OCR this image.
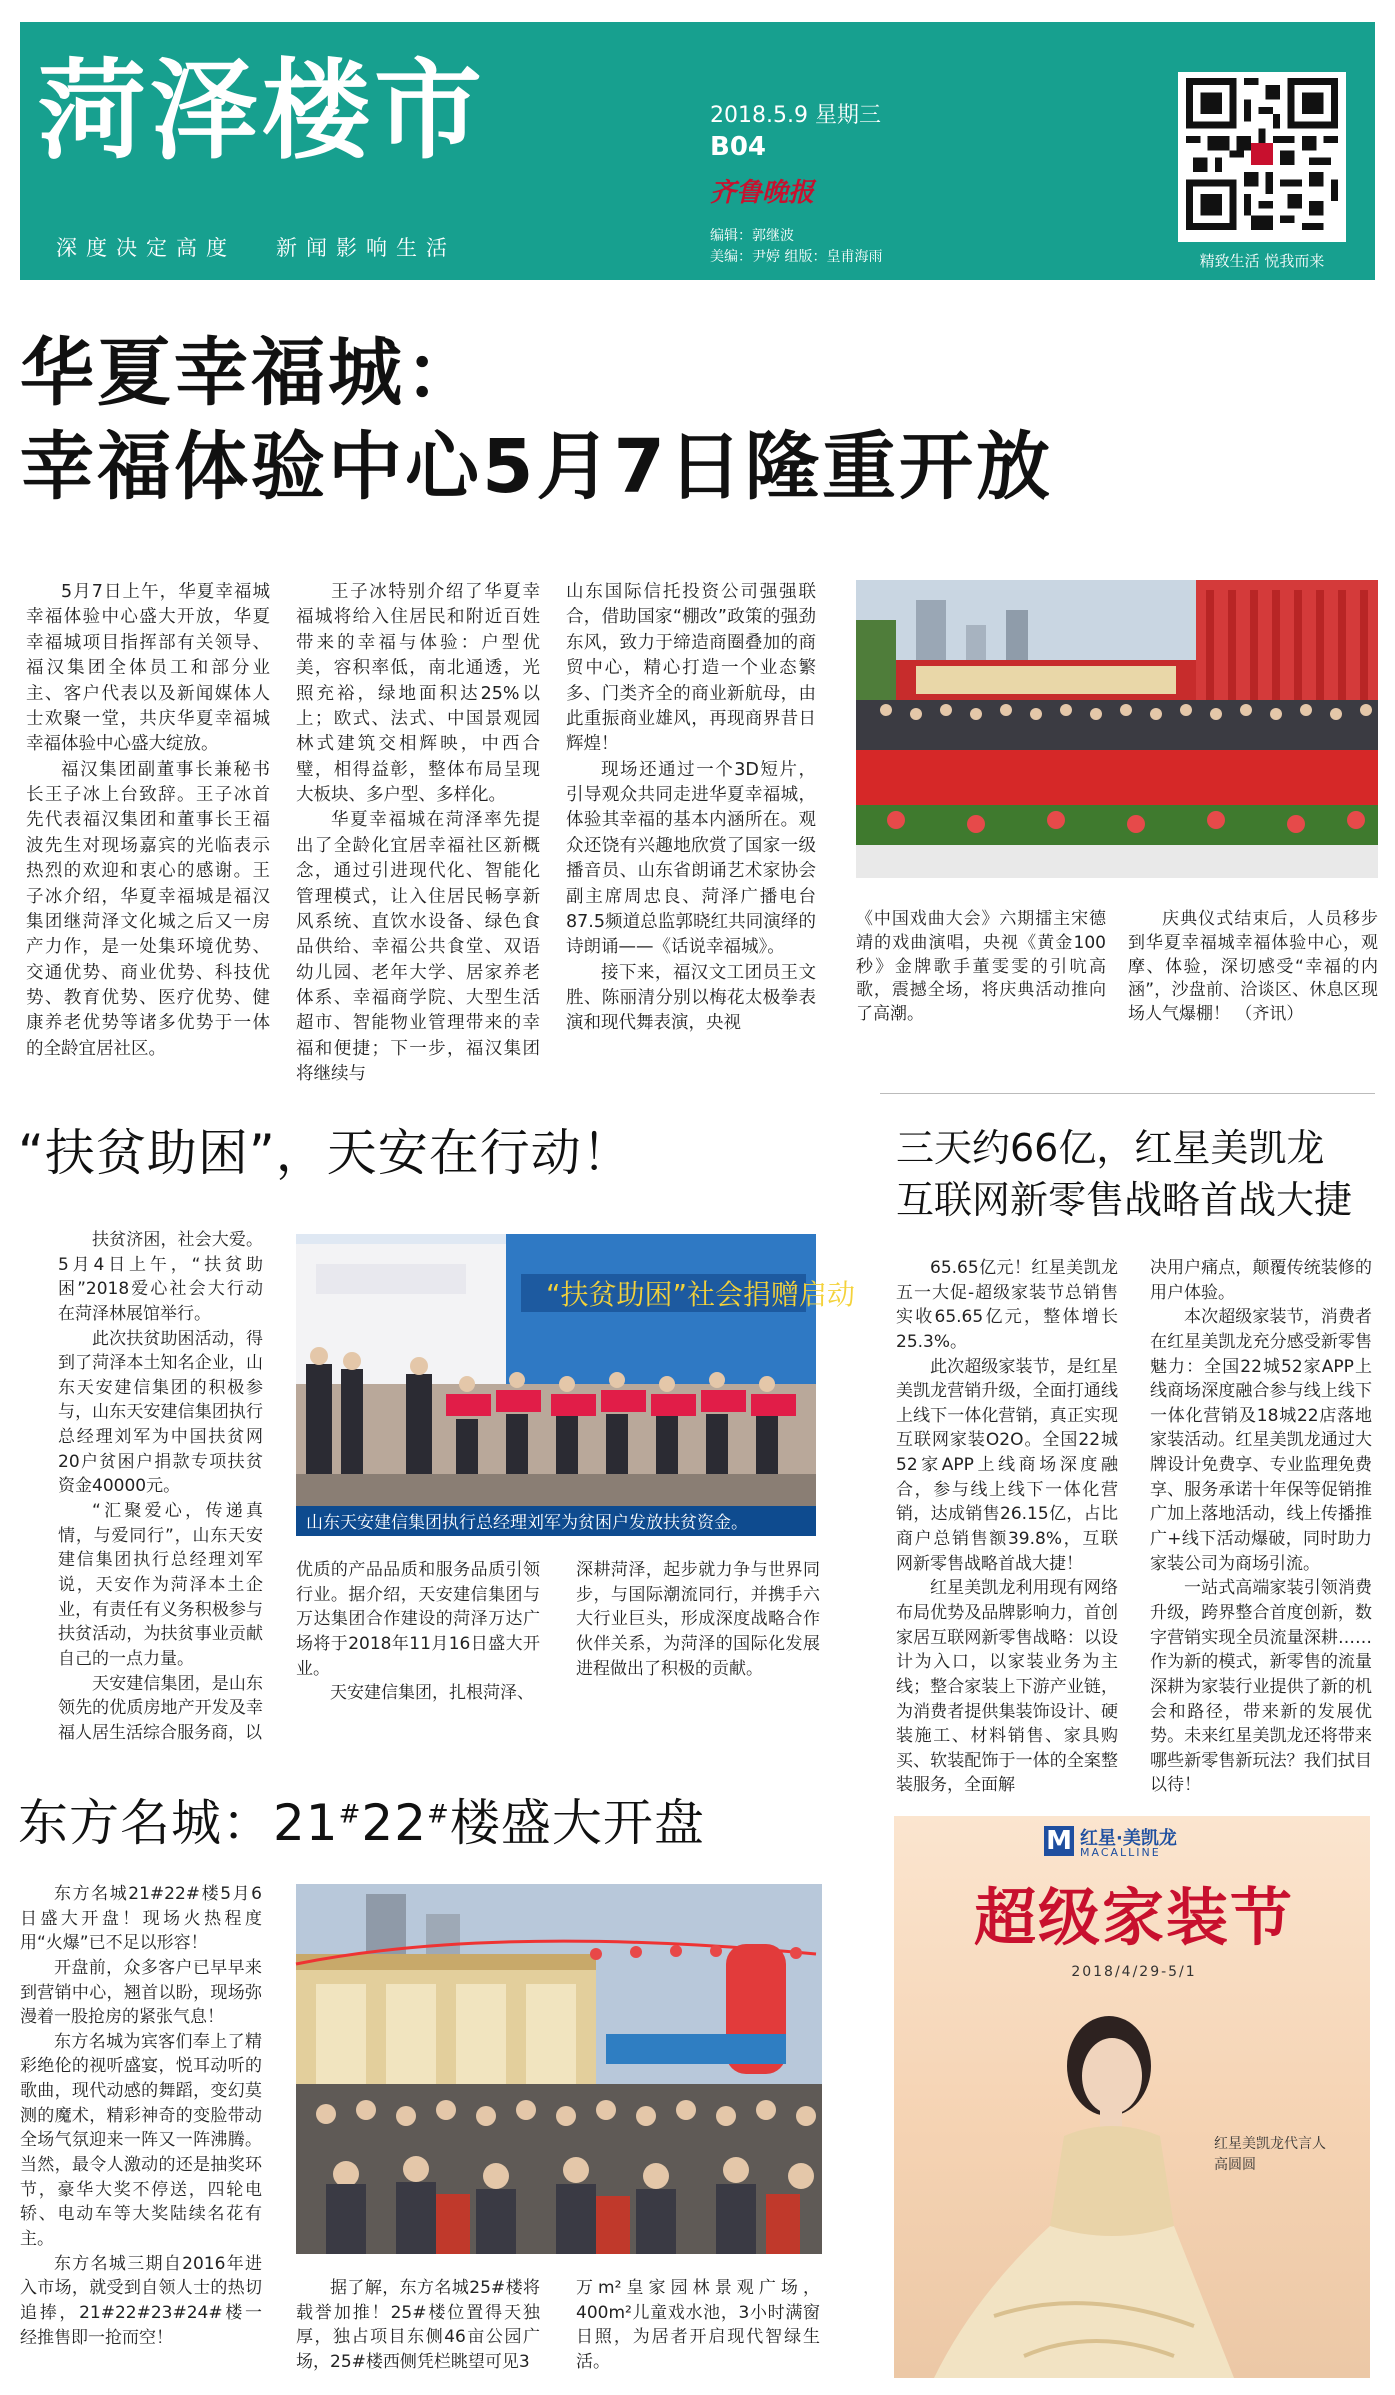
菏泽楼市
深度决定高度 新闻影响生活
2018.5.9 星期三
B04
齐鲁晚报
编辑：郭继波
美编：尹婷 组版：皇甫海雨	精致生活 悦我而来
华夏幸福城：
幸福体验中心5月7日隆重开放

5月7日上午，华夏幸福城幸福体验中心盛大开放，华夏幸福城项目指挥部有关领导、福汉集团全体员工和部分业主、客户代表以及新闻媒体人士欢聚一堂，共庆华夏幸福城幸福体验中心盛大绽放。

福汉集团副董事长兼秘书长王子冰上台致辞。王子冰首先代表福汉集团和董事长王福波先生对现场嘉宾的光临表示热烈的欢迎和衷心的感谢。王子冰介绍，华夏幸福城是福汉集团继菏泽文化城之后又一房产力作，是一处集环境优势、交通优势、商业优势、科技优势、教育优势、医疗优势、健康养老优势等诸多优势于一体的全龄宜居社区。

王子冰特别介绍了华夏幸福城将给入住居民和附近百姓带来的幸福与体验：户型优美，容积率低，南北通透，光照充裕，绿地面积达25%以上；欧式、法式、中国景观园林式建筑交相辉映，中西合璧，相得益彰，整体布局呈现大板块、多户型、多样化。

华夏幸福城在菏泽率先提出了全龄化宜居幸福社区新概念，通过引进现代化、智能化管理模式，让入住居民畅享新风系统、直饮水设备、绿色食品供给、幸福公共食堂、双语幼儿园、老年大学、居家养老体系、幸福商学院、大型生活超市、智能物业管理带来的幸福和便捷；下一步，福汉集团将继续与

山东国际信托投资公司强强联合，借助国家“棚改”政策的强劲东风，致力于缔造商圈叠加的商贸中心，精心打造一个业态繁多、门类齐全的商业新航母，由此重振商业雄风，再现商界昔日辉煌！

现场还通过一个3D短片，引导观众共同走进华夏幸福城，体验其幸福的基本内涵所在。观众还饶有兴趣地欣赏了国家一级播音员、山东省朗诵艺术家协会副主席周忠良、菏泽广播电台87.5频道总监郭晓红共同演绎的诗朗诵——《话说幸福城》。

接下来，福汉文工团员王文胜、陈丽清分别以梅花太极拳表演和现代舞表演，央视

《中国戏曲大会》六期擂主宋德靖的戏曲演唱，央视《黄金100秒》金牌歌手董雯雯的引吭高歌，震撼全场，将庆典活动推向了高潮。
庆典仪式结束后，人员移步到华夏幸福城幸福体验中心，观摩、体验，深切感受“幸福的内涵”，沙盘前、洽谈区、休息区现场人气爆棚！ （齐讯）
“扶贫助困”，天安在行动！

扶贫济困，社会大爱。5月4日上午，“扶贫助困”2018爱心社会大行动在菏泽林展馆举行。

此次扶贫助困活动，得到了菏泽本土知名企业，山东天安建信集团的积极参与，山东天安建信集团执行总经理刘军为中国扶贫网20户贫困户捐款专项扶贫资金40000元。

“汇聚爱心，传递真情，与爱同行”，山东天安建信集团执行总经理刘军说，天安作为菏泽本土企业，有责任有义务积极参与扶贫活动，为扶贫事业贡献自己的一点力量。

天安建信集团，是山东领先的优质房地产开发及幸福人居生活综合服务商，以

“扶贫助困”社会捐赠启动
山东天安建信集团执行总经理刘军为贫困户发放扶贫资金。

优质的产品品质和服务品质引领行业。据介绍，天安建信集团与万达集团合作建设的菏泽万达广场将于2018年11月16日盛大开业。

天安建信集团，扎根菏泽、

深耕菏泽，起步就力争与世界同步，与国际潮流同行，并携手六大行业巨头，形成深度战略合作伙伴关系，为菏泽的国际化发展进程做出了积极的贡献。

三天约66亿，红星美凯龙
互联网新零售战略首战大捷

65.65亿元！红星美凯龙五一大促-超级家装节总销售实收65.65亿元，整体增长25.3%。

此次超级家装节，是红星美凯龙营销升级，全面打通线上线下一体化营销，真正实现互联网家装O2O。全国22城52家APP上线商场深度融合，参与线上线下一体化营销，达成销售26.15亿，占比商户总销售额39.8%，互联网新零售战略首战大捷！

红星美凯龙利用现有网络布局优势及品牌影响力，首创家居互联网新零售战略：以设计为入口，以家装业务为主线；整合家装上下游产业链，为消费者提供集装饰设计、硬装施工、材料销售、家具购买、软装配饰于一体的全案整装服务，全面解

决用户痛点，颠覆传统装修的用户体验。

本次超级家装节，消费者在红星美凯龙充分感受新零售魅力：全国22城52家APP上线商场深度融合参与线上线下一体化营销及18城22店落地家装活动。红星美凯龙通过大牌设计免费享、专业监理免费享、服务承诺十年保等促销推广加上落地活动，线上传播推广+线下活动爆破，同时助力家装公司为商场引流。

一站式高端家装引领消费升级，跨界整合首度创新，数字营销实现全员流量深耕……作为新的模式，新零售的流量深耕为家装行业提供了新的机会和路径，带来新的发展优势。未来红星美凯龙还将带来哪些新零售新玩法？我们拭目以待！

东方名城：21#22#楼盛大开盘

东方名城21#22#楼5月6日盛大开盘！现场火热程度用“火爆”已不足以形容！

开盘前，众多客户已早早来到营销中心，翘首以盼，现场弥漫着一股抢房的紧张气息！

东方名城为宾客们奉上了精彩绝伦的视听盛宴，悦耳动听的歌曲，现代动感的舞蹈，变幻莫测的魔术，精彩神奇的变脸带动全场气氛迎来一阵又一阵沸腾。当然，最令人激动的还是抽奖环节，豪华大奖不停送，四轮电轿、电动车等大奖陆续名花有主。

东方名城三期自2016年进入市场，就受到自领人士的热切追捧，21#22#23#24#楼一经推售即一抢而空！

据了解，东方名城25#楼将载誉加推！25#楼位置得天独厚，独占项目东侧46亩公园广场，25#楼西侧凭栏眺望可见3

万m²皇家园林景观广场，400m²儿童戏水池，3小时满窗日照，为居者开启现代智绿生活。

M 红星·美凯龙
MACALLINE
超级家装节
2018/4/29-5/1
红星美凯龙代言人
高圆圆
